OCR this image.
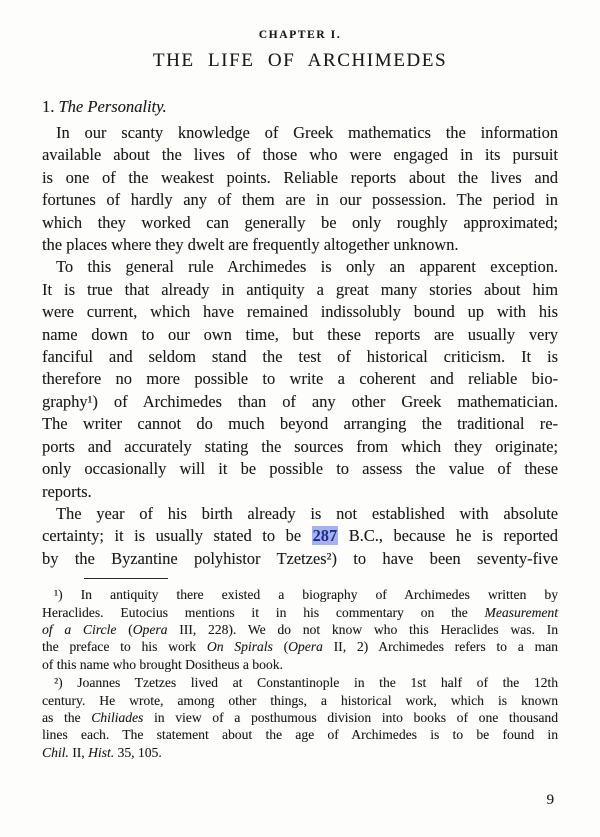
CHAPTER I.
THE LIFE OF ARCHIMEDES
1. The Personality.
In our scanty knowledge of Greek mathematics the information
available about the lives of those who were engaged in its pursuit
is one of the weakest points. Reliable reports about the lives and
fortunes of hardly any of them are in our possession. The period in
which they worked can generally be only roughly approximated;
the places where they dwelt are frequently altogether unknown.
To this general rule Archimedes is only an apparent exception.
It is true that already in antiquity a great many stories about him
were current, which have remained indissolubly bound up with his
name down to our own time, but these reports are usually very
fanciful and seldom stand the test of historical criticism. It is
therefore no more possible to write a coherent and reliable bio-
graphy¹) of Archimedes than of any other Greek mathematician.
The writer cannot do much beyond arranging the traditional re-
ports and accurately stating the sources from which they originate;
only occasionally will it be possible to assess the value of these
reports.
The year of his birth already is not established with absolute
certainty; it is usually stated to be 287 B.C., because he is reported
by the Byzantine polyhistor Tzetzes²) to have been seventy-five
¹) In antiquity there existed a biography of Archimedes written by
Heraclides. Eutocius mentions it in his commentary on the Measurement
of a Circle (Opera III, 228). We do not know who this Heraclides was. In
the preface to his work On Spirals (Opera II, 2) Archimedes refers to a man
of this name who brought Dositheus a book.
²) Joannes Tzetzes lived at Constantinople in the 1st half of the 12th
century. He wrote, among other things, a historical work, which is known
as the Chiliades in view of a posthumous division into books of one thousand
lines each. The statement about the age of Archimedes is to be found in
Chil. II, Hist. 35, 105.
9
